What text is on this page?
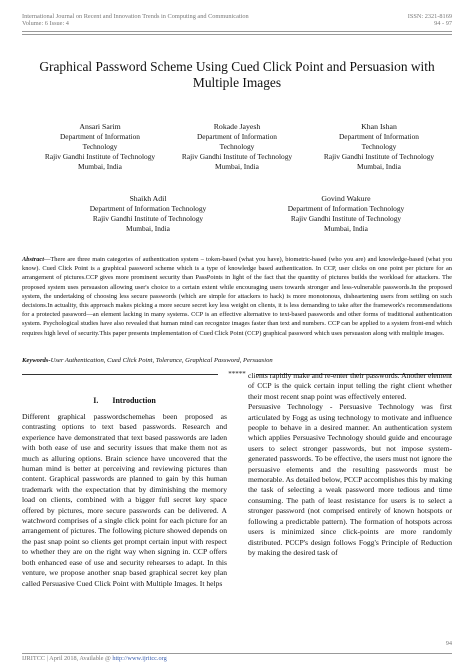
International Journal on Recent and Innovation Trends in Computing and Communication
Volume: 6 Issue: 4
ISSN: 2321-8169
94 - 97
Graphical Password Scheme Using Cued Click Point and Persuasion with Multiple Images
Ansari Sarim
Department of Information
Technology
Rajiv Gandhi Institute of Technology
Mumbai, India
Rokade Jayesh
Department of Information
Technology
Rajiv Gandhi Institute of Technology
Mumbai, India
Khan Ishan
Department of Information
Technology
Rajiv Gandhi Institute of Technology
Mumbai, India
Shaikh Adil
Department of Information Technology
Rajiv Gandhi Institute of Technology
Mumbai, India
Govind Wakure
Department of Information Technology
Rajiv Gandhi Institute of Technology
Mumbai, India
Abstract—There are three main categories of authentication system – token-based (what you have), biometric-based (who you are) and knowledge-based (what you know). Cued Click Point is a graphical password scheme which is a type of knowledge based authentication. In CCP, user clicks on one point per picture for an arrangement of pictures.CCP gives more prominent security than PassPoints in light of the fact that the quantity of pictures builds the workload for attackers. The proposed system uses persuasion allowing user's choice to a certain extent while encouraging users towards stronger and less-vulnerable passwords.In the proposed system, the undertaking of choosing less secure passwords (which are simple for attackers to hack) is more monotonous, disheartening users from settling on such decisions.In actuality, this approach makes picking a more secure secret key less weight on clients, it is less demanding to take after the framework's recommendations for a protected password—an element lacking in many systems. CCP is an effective alternative to text-based passwords and other forms of traditional authentication system. Psychological studies have also revealed that human mind can recognize images faster than text and numbers. CCP can be applied to a system front-end which requires high level of security.This paper presents implementation of Cued Click Point (CCP) graphical password which uses persuasion along with multiple images.
Keywords-User Authentication, Cued Click Point, Tolerance, Graphical Password, Persuasion
*****
I. Introduction
Different graphical passwordschemehas been proposed as contrasting options to text based passwords. Research and experience have demonstrated that text based passwords are laden with both ease of use and security issues that make them not as much as alluring options. Brain science have uncovered that the human mind is better at perceiving and reviewing pictures than content. Graphical passwords are planned to gain by this human trademark with the expectation that by diminishing the memory load on clients, combined with a bigger full secret key space offered by pictures, more secure passwords can be delivered. A watchword comprises of a single click point for each picture for an arrangement of pictures. The following picture showed depends on the past snap point so clients get prompt certain input with respect to whether they are on the right way when signing in. CCP offers both enhanced ease of use and security rehearses to adapt. In this venture, we propose another snap based graphical secret key plan called Persuasive Cued Click Point with Multiple Images. It helps
clients rapidly make and re-enter their passwords. Another element of CCP is the quick certain input telling the right client whether their most recent snap point was effectively entered.
Persuasive Technology - Persuasive Technology was first articulated by Fogg as using technology to motivate and influence people to behave in a desired manner. An authentication system which applies Persuasive Technology should guide and encourage users to select stronger passwords, but not impose system-generated passwords. To be effective, the users must not ignore the persuasive elements and the resulting passwords must be memorable. As detailed below, PCCP accomplishes this by making the task of selecting a weak password more tedious and time consuming. The path of least resistance for users is to select a stronger password (not comprised entirely of known hotspots or following a predictable pattern). The formation of hotspots across users is minimized since click-points are more randomly distributed. PCCP's design follows Fogg's Principle of Reduction by making the desired task of
94
IJRITCC | April 2018, Available @ http://www.ijritcc.org
